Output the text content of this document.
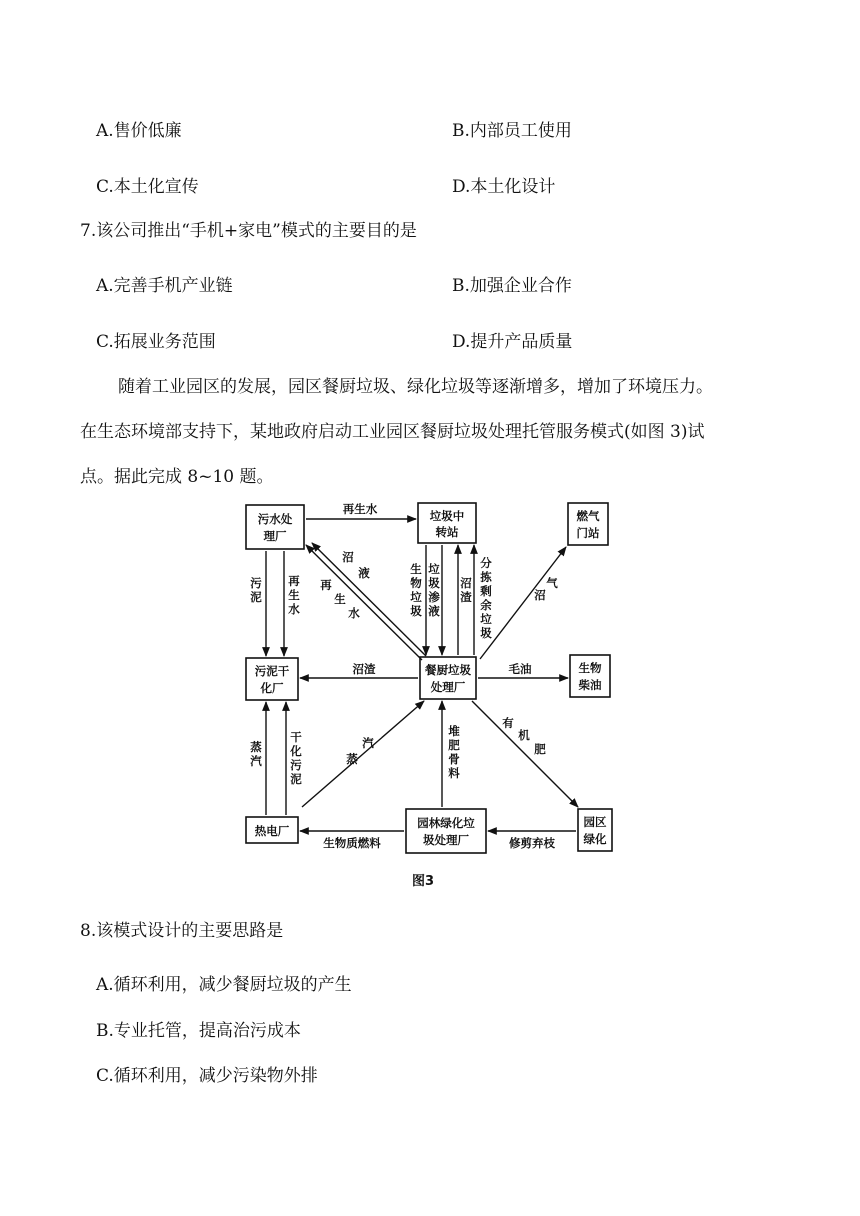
A.售价低廉	B.内部员工使用
C.本土化宣传	D.本土化设计
7.该公司推出“手机+家电”模式的主要目的是
A.完善手机产业链	B.加强企业合作
C.拓展业务范围	D.提升产品质量
随着工业园区的发展，园区餐厨垃圾、绿化垃圾等逐渐增多，增加了环境压力。
在生态环境部支持下，某地政府启动工业园区餐厨垃圾处理托管服务模式(如图 3)试
点。据此完成 8~10 题。
污水处
理厂
垃圾中
转站
燃气
门站
污泥干
化厂
餐厨垃圾
处理厂
生物
柴油
热电厂
园林绿化垃
圾处理厂
园区
绿化
再生水
污
泥
再
生
水
沼
液
再
生
水
生
物
垃
圾
垃
圾
渗
液
沼
渣
分
拣
剩
余
垃
圾
沼
气
沼渣	毛油
蒸
汽
干
化
污
泥
汽
蒸
堆
肥
骨
料
有
机
肥
生物质燃料	修剪弃枝
图3
8.该模式设计的主要思路是
A.循环利用，减少餐厨垃圾的产生
B.专业托管，提高治污成本
C.循环利用，减少污染物外排
